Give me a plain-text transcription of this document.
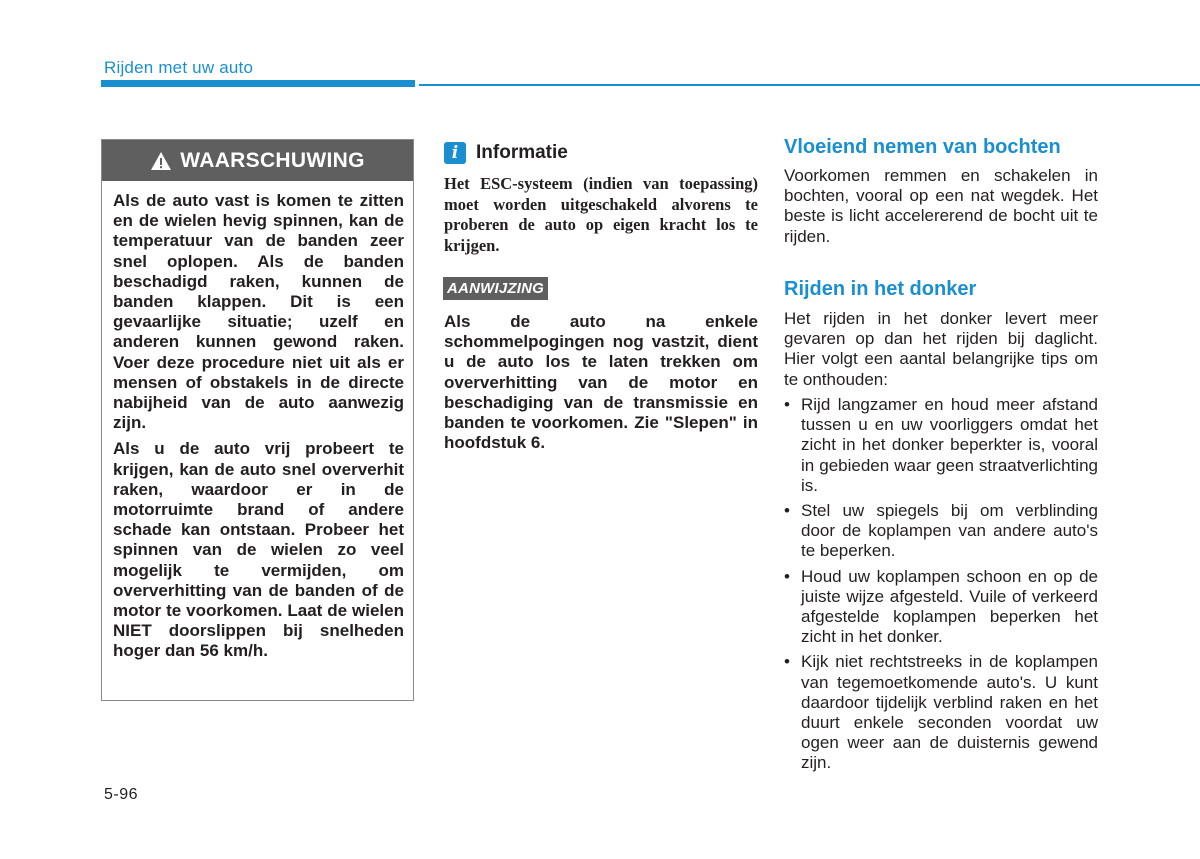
Rijden met uw auto
WAARSCHUWING

Als de auto vast is komen te zitten en de wielen hevig spinnen, kan de temperatuur van de banden zeer snel oplopen. Als de banden beschadigd raken, kunnen de banden klappen. Dit is een gevaarlijke situatie; uzelf en anderen kunnen gewond raken. Voer deze procedure niet uit als er mensen of obstakels in de directe nabijheid van de auto aanwezig zijn.

Als u de auto vrij probeert te krijgen, kan de auto snel oververhit raken, waardoor er in de motorruimte brand of andere schade kan ontstaan. Probeer het spinnen van de wielen zo veel mogelijk te vermijden, om oververhitting van de banden of de motor te voorkomen. Laat de wielen NIET doorslippen bij snelheden hoger dan 56 km/h.

i Informatie

Het ESC-systeem (indien van toepassing) moet worden uitgeschakeld alvorens te proberen de auto op eigen kracht los te krijgen.

AANWIJZING

Als de auto na enkele schommelpogingen nog vastzit, dient u de auto los te laten trekken om oververhitting van de motor en beschadiging van de transmissie en banden te voorkomen. Zie "Slepen" in hoofdstuk 6.

Vloeiend nemen van bochten

Voorkomen remmen en schakelen in bochten, vooral op een nat wegdek. Het beste is licht accelererend de bocht uit te rijden.

Rijden in het donker

Het rijden in het donker levert meer gevaren op dan het rijden bij daglicht. Hier volgt een aantal belangrijke tips om te onthouden:

• Rijd langzamer en houd meer afstand tussen u en uw voorliggers omdat het zicht in het donker beperkter is, vooral in gebieden waar geen straatverlichting is.
• Stel uw spiegels bij om verblinding door de koplampen van andere auto's te beperken.
• Houd uw koplampen schoon en op de juiste wijze afgesteld. Vuile of verkeerd afgestelde koplampen beperken het zicht in het donker.
• Kijk niet rechtstreeks in de koplampen van tegemoetkomende auto's. U kunt daardoor tijdelijk verblind raken en het duurt enkele seconden voordat uw ogen weer aan de duisternis gewend zijn.
5-96
